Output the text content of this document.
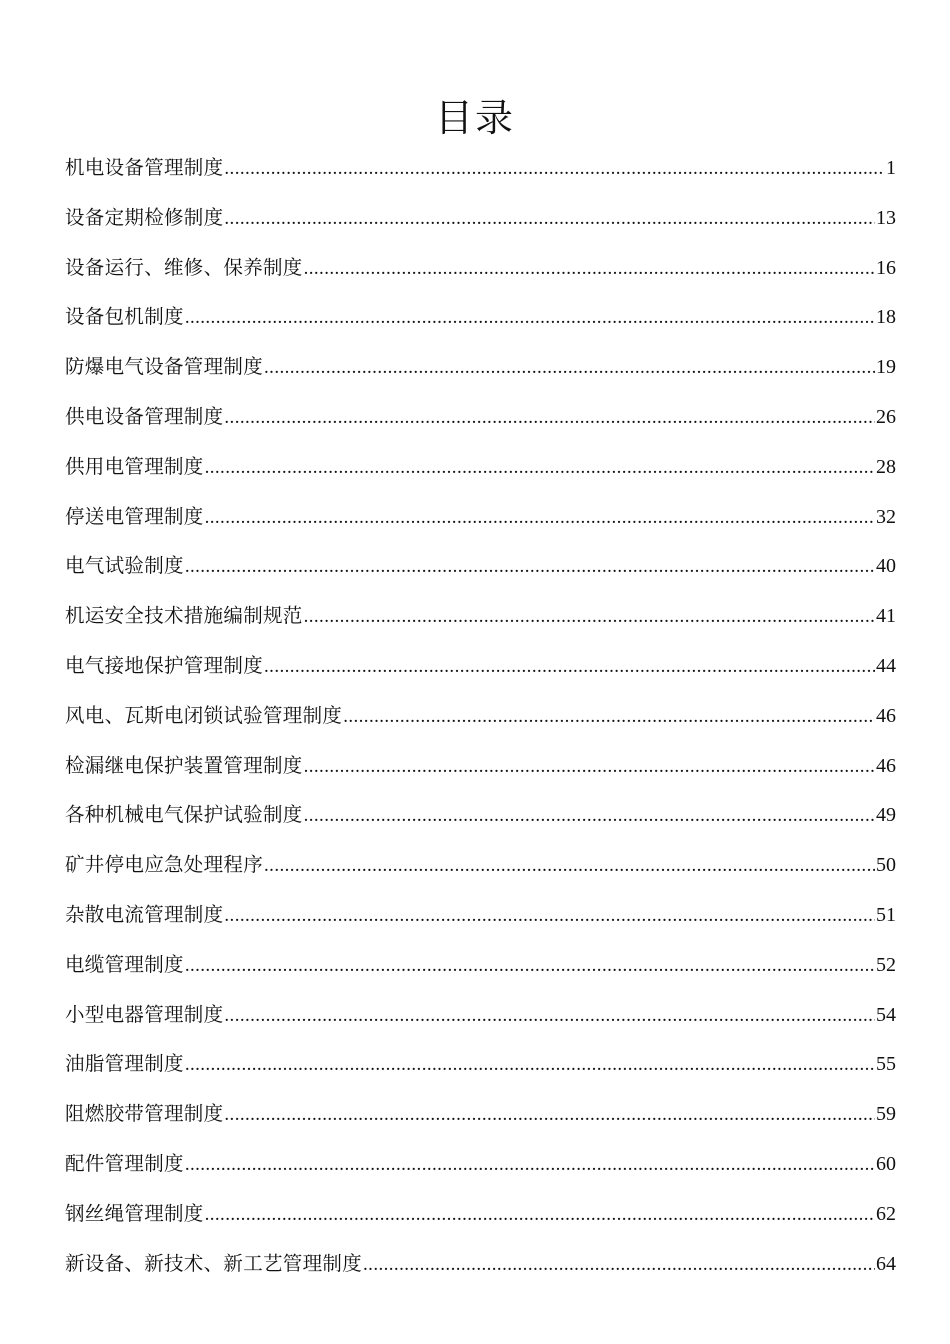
目录
机电设备管理制度 .....	1
设备定期检修制度 .....	13
设备运行、维修、保养制度 .....	16
设备包机制度 .....	18
防爆电气设备管理制度 .....	19
供电设备管理制度 .....	26
供用电管理制度 .....	28
停送电管理制度 .....	32
电气试验制度 .....	40
机运安全技术措施编制规范 .....	41
电气接地保护管理制度 .....	44
风电、瓦斯电闭锁试验管理制度 .....	46
检漏继电保护装置管理制度 .....	46
各种机械电气保护试验制度 .....	49
矿井停电应急处理程序 .....	50
杂散电流管理制度 .....	51
电缆管理制度 .....	52
小型电器管理制度 .....	54
油脂管理制度 .....	55
阻燃胶带管理制度 .....	59
配件管理制度 .....	60
钢丝绳管理制度 .....	62
新设备、新技术、新工艺管理制度 .....	64
